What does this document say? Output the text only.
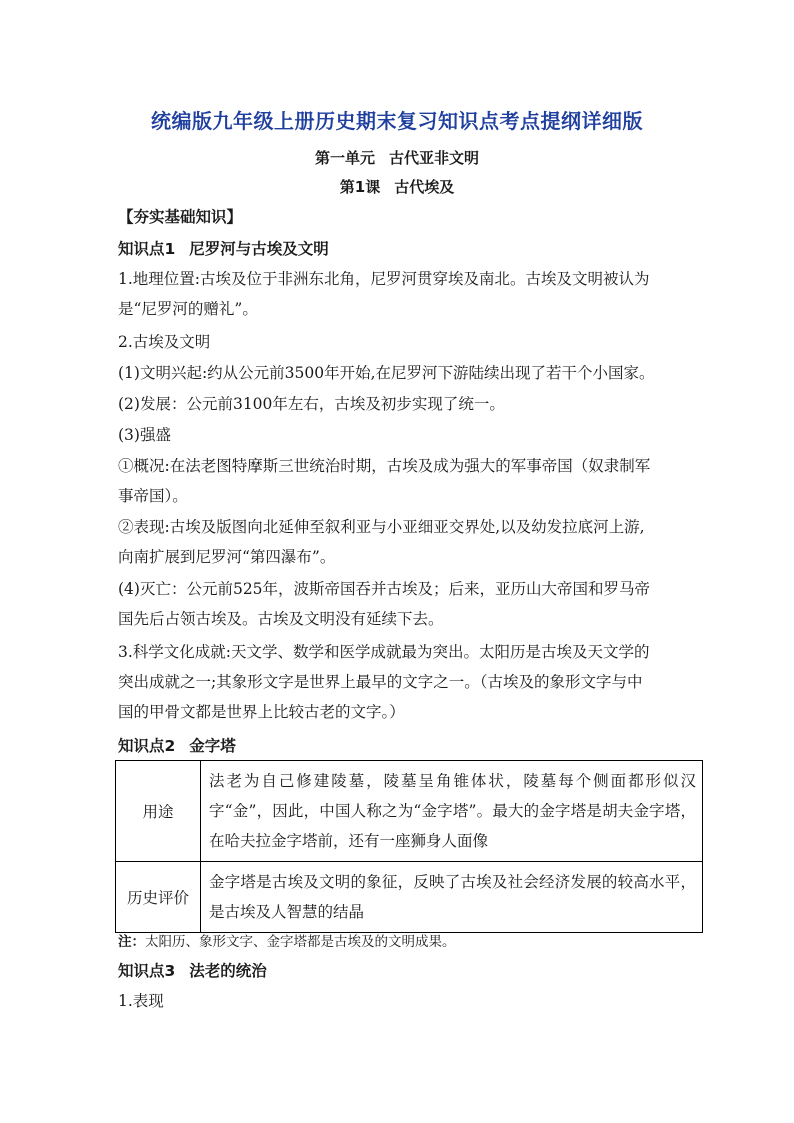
统编版九年级上册历史期末复习知识点考点提纲详细版
第一单元 古代亚非文明
第1课 古代埃及
【夯实基础知识】
知识点1 尼罗河与古埃及文明
1.地理位置:古埃及位于非洲东北角，尼罗河贯穿埃及南北。古埃及文明被认为
是“尼罗河的赠礼”。
2.古埃及文明
(1)文明兴起:约从公元前3500年开始,在尼罗河下游陆续出现了若干个小国家。
(2)发展：公元前3100年左右，古埃及初步实现了统一。
(3)强盛
①概况:在法老图特摩斯三世统治时期，古埃及成为强大的军事帝国（奴隶制军
事帝国）。
②表现:古埃及版图向北延伸至叙利亚与小亚细亚交界处,以及幼发拉底河上游,
向南扩展到尼罗河“第四瀑布”。
(4)灭亡：公元前525年，波斯帝国吞并古埃及；后来，亚历山大帝国和罗马帝
国先后占领古埃及。古埃及文明没有延续下去。
3.科学文化成就:天文学、数学和医学成就最为突出。太阳历是古埃及天文学的
突出成就之一;其象形文字是世界上最早的文字之一。（古埃及的象形文字与中
国的甲骨文都是世界上比较古老的文字。）
知识点2 金字塔
用途	法老为自己修建陵墓，陵墓呈角锥体状，陵墓每个侧面都形似汉字“金”，因此，中国人称之为“金字塔”。最大的金字塔是胡夫金字塔，在哈夫拉金字塔前，还有一座狮身人面像
历史评价	金字塔是古埃及文明的象征，反映了古埃及社会经济发展的较高水平，是古埃及人智慧的结晶
注：太阳历、象形文字、金字塔都是古埃及的文明成果。
知识点3 法老的统治
1.表现
